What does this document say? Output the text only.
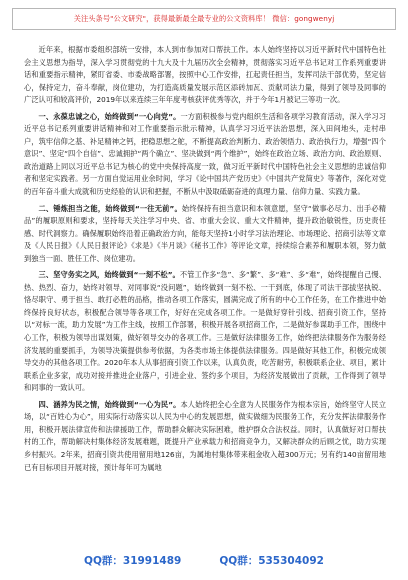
关注头条号"公文研究"，获得最新最全最专业的公文资料库！ 微信：gongwenyj

近年来，根据市委组织部统一安排，本人到市参加对口帮扶工作。本人始终坚持以习近平新时代中国特色社会主义思想为指导，深入学习贯彻党的十九大及十九届历次全会精神，贯彻落实习近平总书记对工作系列重要讲话和重要指示精神，紧盯省委、市委战略部署，按照中心工作安排，扛起责任担当，发挥司法干部优势，坚定信心，保持定力，奋斗奉献，岗位建功，为打造高质量发展示范区添砖加瓦、贡献司法力量，得到了领导及同事的广泛认可和较高评价，2019年以来连续三年年度考核获评优秀等次，并于今年1月被记三等功一次。

一、永葆忠诚之心，始终做到“一心向党”。一方面积极参与党内组织生活和各项学习教育活动，深入学习习近平总书记系列重要讲话精神和对工作重要指示批示精神，认真学习习近平法治思想，深入田间地头，走村串户，筑牢信仰之基、补足精神之钙，把稳思想之舵，不断提高政治判断力、政治领悟力、政治执行力，增强“四个意识”、坚定“四个自信”、忠诚拥护“两个确立”、坚决做到“两个维护”，始终在政治立场、政治方向、政治原则、政治道路上同以习近平总书记为核心的党中央保持高度一致，做习近平新时代中国特色社会主义思想的忠诚信仰者和坚定实践者。另一方面自觉运用业余时间，学习《论中国共产党历史》《中国共产党简史》等著作，深化对党的百年奋斗重大成就和历史经验的认识和把握，不断从中汲取砥砺奋进的真理力量、信仰力量、实践力量。

二、锤炼担当之能，始终做到“一往无前”。始终保持有担当意识和本领意愿，坚守“做事必尽力、出手必精品”的履职原则和要求，坚持每天关注学习中央、省、市重大会议、重大文件精神，提升政治敏锐性，历史责任感、时代洞察力。确保履职始终沿着正确政治方向，能每天坚持1小时学习法治理论、市场理论、招商引法等文章及《人民日报》《人民日报评论》《求是》《半月谈》《秘书工作》等评论文章，持续综合素养和履职本领，努力做到独当一面、胜任工作、岗位建功。

三、坚守务实之风，始终做到“一刻不松”。不管工作多“急”、多“繁”、多“难”、多“难”，始终提醒自己慢、热、热烈、奋力，始终对领导、对同事说“没问题”，始终做到一刻不松、一干到底，体现了司法干部拔坚执锐、恪尽职守、勇于担当、敢打必胜的品格，推动各项工作落实，圆满完成了所有的中心工作任务，在工作推进中始终保持良好状态，积极配合领导等各项工作，好好在完成各项工作。一是做好穿针引线、招商引资工作，坚持以“对标一流，助力发展”为工作主线，按照工作部署，积极开展各项招商工作，二是做好参谋助手工作，围绕中心工作，积极为领导出谋划策，做好领导交办的各项工作。三是做好法律服务工作，始终把法律服务作为服务经济发展的重要抓手，为领导决策提供参考依据，为各类市场主体提供法律服务。四是做好其他工作，积极完成领导交办的其他各项工作。2020年本人从事招商引资工作以来，认真负责，吃苦耐劳，积极联系企业、项目，累计联系企业多家，成功对接并推进企业落户，引进企业、签约多个项目，为经济发展做出了贡献，工作得到了领导和同事的一致认可。

四、涵养为民之情，始终做到“一心为民”。本人始终把全心全意为人民服务作为根本宗旨，始终坚守人民立场，以“百姓心为心”，用实际行动落实以人民为中心的发展思想，做实做细为民服务工作，充分发挥法律服务作用，积极开展法律宣传和法律援助工作，帮助群众解决实际困难，维护群众合法权益。同时，认真做好对口帮扶村的工作，帮助解决村集体经济发展难题，既提升产业承载力和招商竞争力，又解决群众的后顾之忧，助力实现乡村振兴。2年来，招商引资共使用留用地126亩，为属地村集体带来租金收入超300万元；另有约140亩留用地已有目标项目开展对接，预计每年可为属地

QQ群：31991489	QQ群：535304092
